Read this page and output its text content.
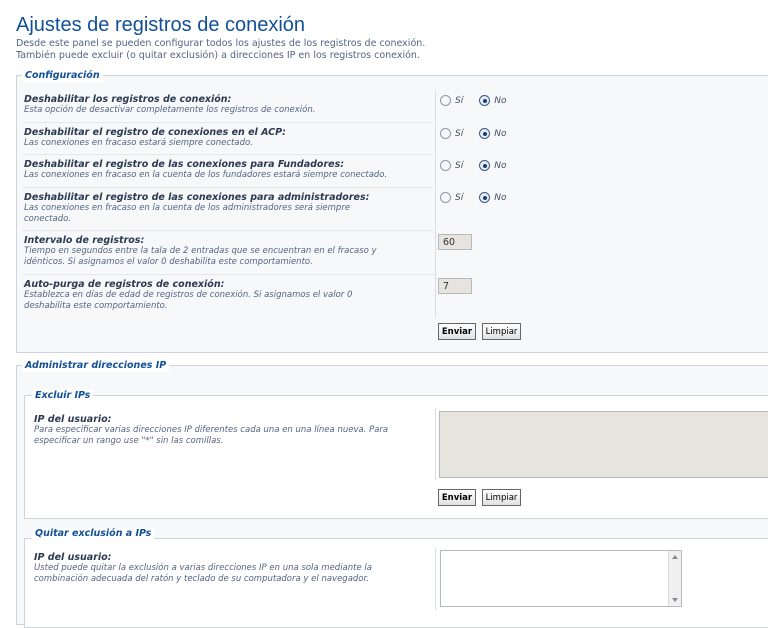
Ajustes de registros de conexión
Desde este panel se pueden configurar todos los ajustes de los registros de conexión.
También puede excluir (o quitar exclusión) a direcciones IP en los registros conexión.
Configuración
Deshabilitar los registros de conexión:
Esta opción de desactivar completamente los registros de conexión.
Sí	No
Deshabilitar el registro de conexiones en el ACP:
Las conexiones en fracaso estará siempre conectado.
Sí	No
Deshabilitar el registro de las conexiones para Fundadores:
Las conexiones en fracaso en la cuenta de los fundadores estará siempre conectado.
Sí	No
Deshabilitar el registro de las conexiones para administradores:
Las conexiones en fracaso en la cuenta de los administradores será siempre
conectado.
Sí	No
Intervalo de registros:
Tiempo en segundos entre la tala de 2 entradas que se encuentran en el fracaso y
idénticos. Si asignamos el valor 0 deshabilita este comportamiento.
60
Auto-purga de registros de conexión:
Establezca en días de edad de registros de conexión. Si asignamos el valor 0
deshabilita este comportamiento.
7
Enviar	Limpiar
Administrar direcciones IP
Excluir IPs
IP del usuario:
Para especificar varias direcciones IP diferentes cada una en una línea nueva. Para
especificar un rango use "*" sin las comillas.
Enviar	Limpiar
Quitar exclusión a IPs
IP del usuario:
Usted puede quitar la exclusión a varias direcciones IP en una sola mediante la
combinación adecuada del ratón y teclado de su computadora y el navegador.
